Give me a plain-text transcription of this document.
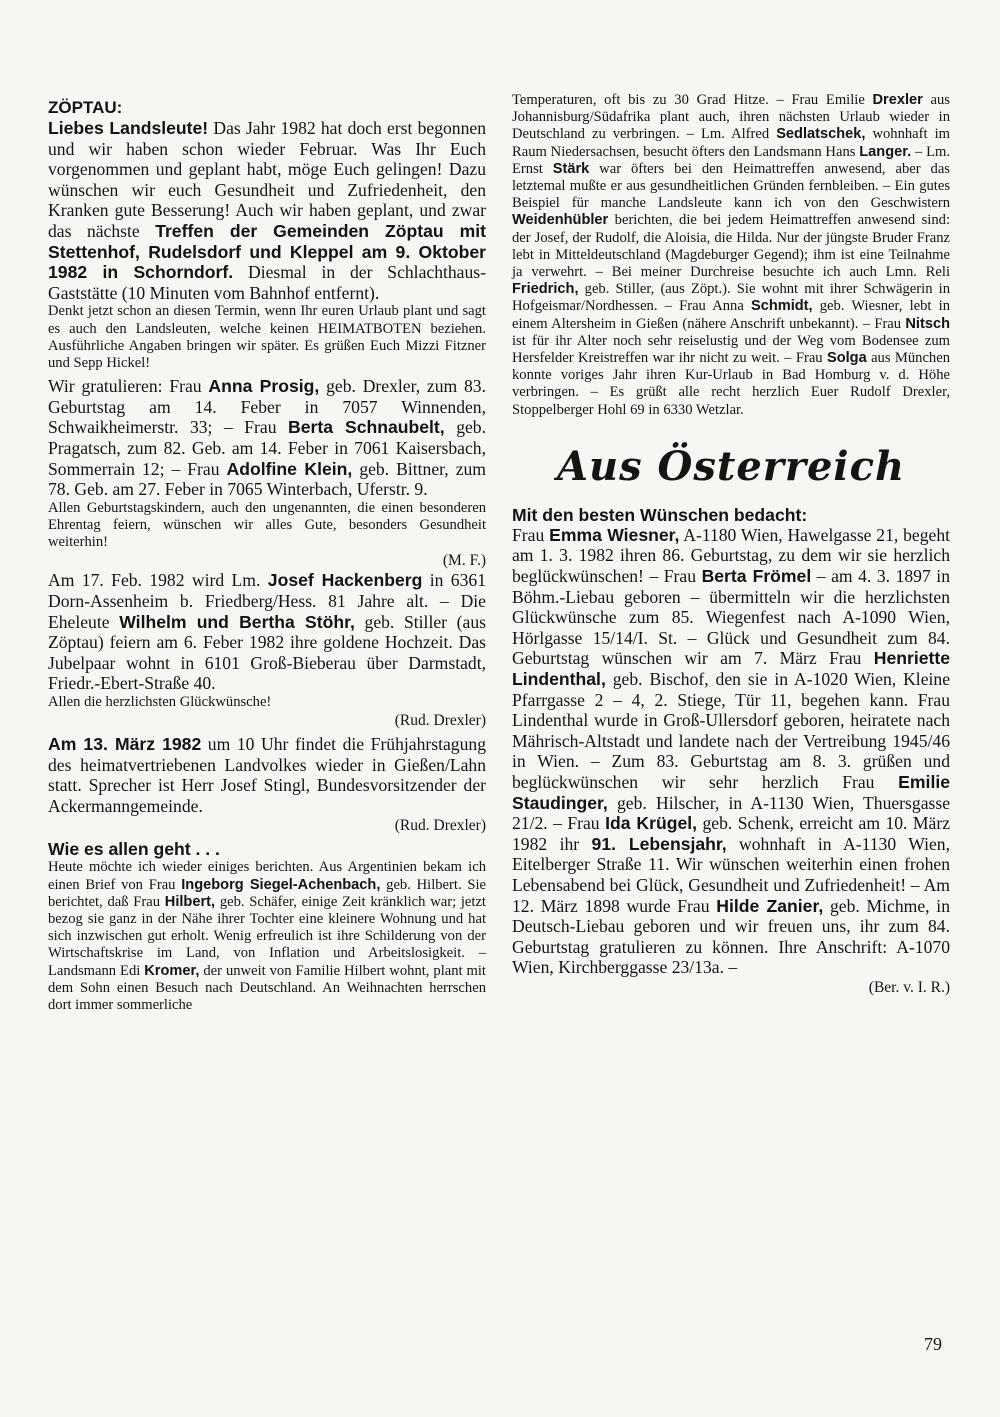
ZÖPTAU:

Liebes Landsleute! Das Jahr 1982 hat doch erst begonnen und wir haben schon wieder Februar. Was Ihr Euch vorgenommen und geplant habt, möge Euch gelingen! Dazu wünschen wir euch Gesundheit und Zufriedenheit, den Kranken gute Besserung! Auch wir haben geplant, und zwar das nächste Treffen der Gemeinden Zöptau mit Stettenhof, Rudelsdorf und Kleppel am 9. Oktober 1982 in Schorndorf. Diesmal in der Schlachthaus-Gaststätte (10 Minuten vom Bahnhof entfernt).

Denkt jetzt schon an diesen Termin, wenn Ihr euren Urlaub plant und sagt es auch den Landsleuten, welche keinen HEIMATBOTEN beziehen. Ausführliche Angaben bringen wir später. Es grüßen Euch Mizzi Fitzner und Sepp Hickel!

Wir gratulieren: Frau Anna Prosig, geb. Drexler, zum 83. Geburtstag am 14. Feber in 7057 Winnenden, Schwaikheimerstr. 33; – Frau Berta Schnaubelt, geb. Pragatsch, zum 82. Geb. am 14. Feber in 7061 Kaisersbach, Sommerrain 12; – Frau Adolfine Klein, geb. Bittner, zum 78. Geb. am 27. Feber in 7065 Winterbach, Uferstr. 9.

Allen Geburtstagskindern, auch den ungenannten, die einen besonderen Ehrentag feiern, wünschen wir alles Gute, besonders Gesundheit weiterhin!

(M. F.)

Am 17. Feb. 1982 wird Lm. Josef Hackenberg in 6361 Dorn-Assenheim b. Friedberg/Hess. 81 Jahre alt. – Die Eheleute Wilhelm und Bertha Stöhr, geb. Stiller (aus Zöptau) feiern am 6. Feber 1982 ihre goldene Hochzeit. Das Jubelpaar wohnt in 6101 Groß-Bieberau über Darmstadt, Friedr.-Ebert-Straße 40.

Allen die herzlichsten Glückwünsche!

(Rud. Drexler)

Am 13. März 1982 um 10 Uhr findet die Frühjahrstagung des heimatvertriebenen Landvolkes wieder in Gießen/Lahn statt. Sprecher ist Herr Josef Stingl, Bundesvorsitzender der Ackermanngemeinde.

(Rud. Drexler)
Wie es allen geht . . .

Heute möchte ich wieder einiges berichten. Aus Argentinien bekam ich einen Brief von Frau Ingeborg Siegel-Achenbach, geb. Hilbert. Sie berichtet, daß Frau Hilbert, geb. Schäfer, einige Zeit kränklich war; jetzt bezog sie ganz in der Nähe ihrer Tochter eine kleinere Wohnung und hat sich inzwischen gut erholt. Wenig erfreulich ist ihre Schilderung von der Wirtschaftskrise im Land, von Inflation und Arbeitslosigkeit. – Landsmann Edi Kromer, der unweit von Familie Hilbert wohnt, plant mit dem Sohn einen Besuch nach Deutschland. An Weihnachten herrschen dort immer sommerliche

Temperaturen, oft bis zu 30 Grad Hitze. – Frau Emilie Drexler aus Johannisburg/Südafrika plant auch, ihren nächsten Urlaub wieder in Deutschland zu verbringen. – Lm. Alfred Sedlatschek, wohnhaft im Raum Niedersachsen, besucht öfters den Landsmann Hans Langer. – Lm. Ernst Stärk war öfters bei den Heimattreffen anwesend, aber das letztemal mußte er aus gesundheitlichen Gründen fernbleiben. – Ein gutes Beispiel für manche Landsleute kann ich von den Geschwistern Weidenhübler berichten, die bei jedem Heimattreffen anwesend sind: der Josef, der Rudolf, die Aloisia, die Hilda. Nur der jüngste Bruder Franz lebt in Mitteldeutschland (Magdeburger Gegend); ihm ist eine Teilnahme ja verwehrt. – Bei meiner Durchreise besuchte ich auch Lmn. Reli Friedrich, geb. Stiller, (aus Zöpt.). Sie wohnt mit ihrer Schwägerin in Hofgeismar/Nordhessen. – Frau Anna Schmidt, geb. Wiesner, lebt in einem Altersheim in Gießen (nähere Anschrift unbekannt). – Frau Nitsch ist für ihr Alter noch sehr reiselustig und der Weg vom Bodensee zum Hersfelder Kreistreffen war ihr nicht zu weit. – Frau Solga aus München konnte voriges Jahr ihren Kur-Urlaub in Bad Homburg v. d. Höhe verbringen. – Es grüßt alle recht herzlich Euer Rudolf Drexler, Stoppelberger Hohl 69 in 6330 Wetzlar.

Aus Österreich
Mit den besten Wünschen bedacht:

Frau Emma Wiesner, A-1180 Wien, Hawelgasse 21, begeht am 1. 3. 1982 ihren 86. Geburtstag, zu dem wir sie herzlich beglückwünschen! – Frau Berta Frömel – am 4. 3. 1897 in Böhm.-Liebau geboren – übermitteln wir die herzlichsten Glückwünsche zum 85. Wiegenfest nach A-1090 Wien, Hörlgasse 15/14/I. St. – Glück und Gesundheit zum 84. Geburtstag wünschen wir am 7. März Frau Henriette Lindenthal, geb. Bischof, den sie in A-1020 Wien, Kleine Pfarrgasse 2 – 4, 2. Stiege, Tür 11, begehen kann. Frau Lindenthal wurde in Groß-Ullersdorf geboren, heiratete nach Mährisch-Altstadt und landete nach der Vertreibung 1945/46 in Wien. – Zum 83. Geburtstag am 8. 3. grüßen und beglückwünschen wir sehr herzlich Frau Emilie Staudinger, geb. Hilscher, in A-1130 Wien, Thuersgasse 21/2. – Frau Ida Krügel, geb. Schenk, erreicht am 10. März 1982 ihr 91. Lebensjahr, wohnhaft in A-1130 Wien, Eitelberger Straße 11. Wir wünschen weiterhin einen frohen Lebensabend bei Glück, Gesundheit und Zufriedenheit! – Am 12. März 1898 wurde Frau Hilde Zanier, geb. Michme, in Deutsch-Liebau geboren und wir freuen uns, ihr zum 84. Geburtstag gratulieren zu können. Ihre Anschrift: A-1070 Wien, Kirchberggasse 23/13a. –

(Ber. v. I. R.)
79
